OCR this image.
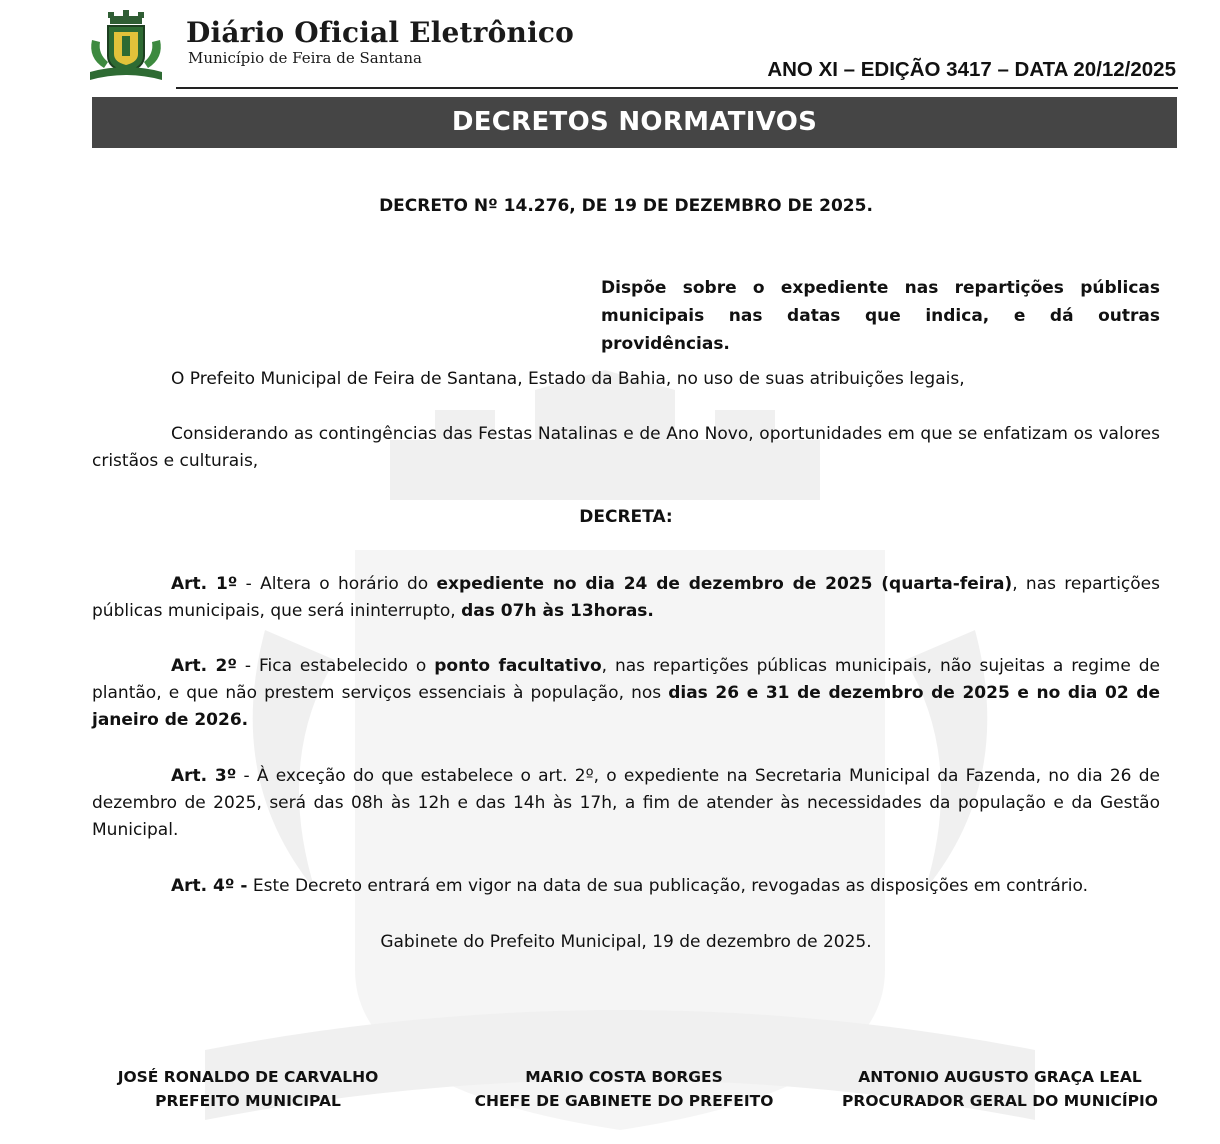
Diário Oficial Eletrônico
Município de Feira de Santana	ANO XI – EDIÇÃO 3417 – DATA 20/12/2025
DECRETOS NORMATIVOS
DECRETO Nº 14.276, DE 19 DE DEZEMBRO DE 2025.
Dispõe sobre o expediente nas repartições públicas municipais nas datas que indica, e dá outras providências.

O Prefeito Municipal de Feira de Santana, Estado da Bahia, no uso de suas atribuições legais,

Considerando as contingências das Festas Natalinas e de Ano Novo, oportunidades em que se enfatizam os valores cristãos e culturais,

DECRETA:

Art. 1º - Altera o horário do expediente no dia 24 de dezembro de 2025 (quarta-feira), nas repartições públicas municipais, que será ininterrupto, das 07h às 13horas.

Art. 2º - Fica estabelecido o ponto facultativo, nas repartições públicas municipais, não sujeitas a regime de plantão, e que não prestem serviços essenciais à população, nos dias 26 e 31 de dezembro de 2025 e no dia 02 de janeiro de 2026.

Art. 3º - À exceção do que estabelece o art. 2º, o expediente na Secretaria Municipal da Fazenda, no dia 26 de dezembro de 2025, será das 08h às 12h e das 14h às 17h, a fim de atender às necessidades da população e da Gestão Municipal.

Art. 4º - Este Decreto entrará em vigor na data de sua publicação, revogadas as disposições em contrário.

Gabinete do Prefeito Municipal, 19 de dezembro de 2025.
JOSÉ RONALDO DE CARVALHO
PREFEITO MUNICIPAL
MARIO COSTA BORGES
CHEFE DE GABINETE DO PREFEITO
ANTONIO AUGUSTO GRAÇA LEAL
PROCURADOR GERAL DO MUNICÍPIO
